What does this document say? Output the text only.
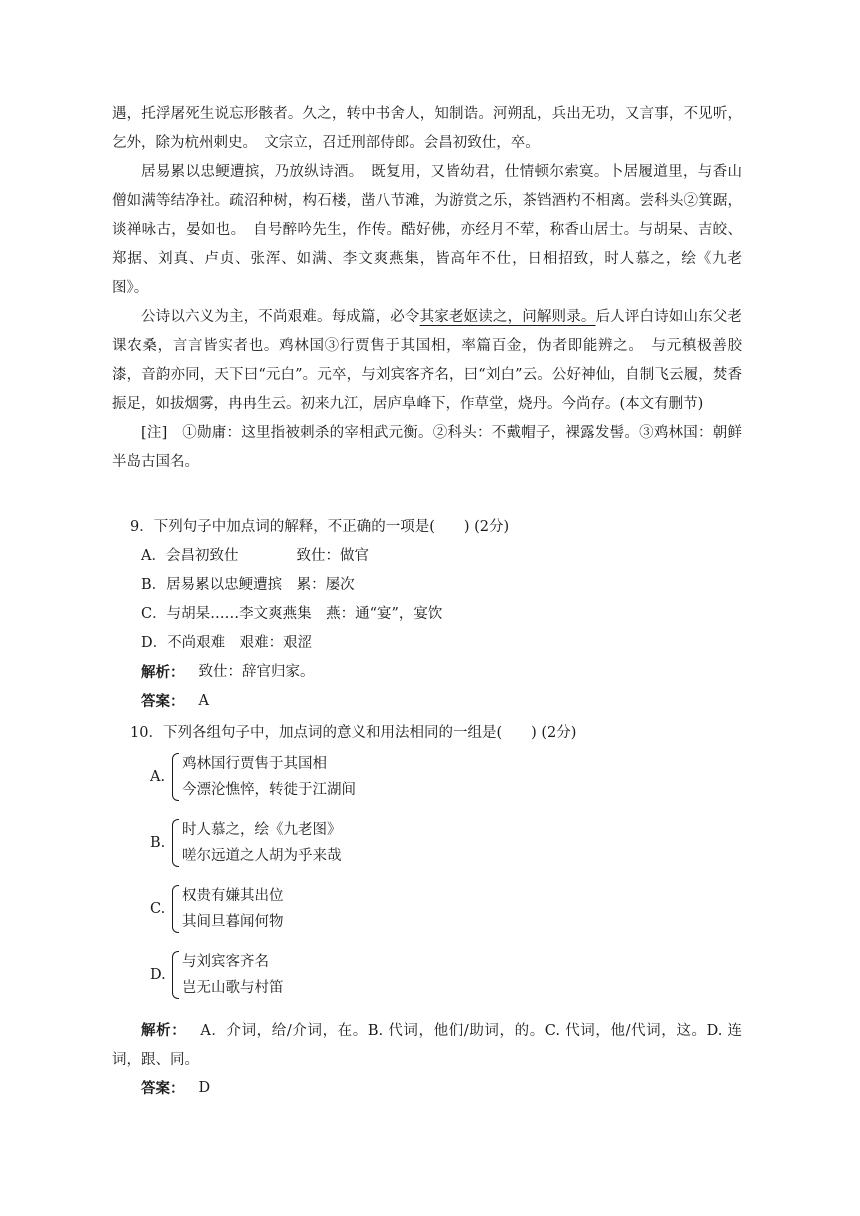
遇，托浮屠死生说忘形骸者。久之，转中书舍人，知制诰。河朔乱，兵出无功，又言事，不见听，乞外，除为杭州刺史。　文宗立，召迁刑部侍郎。会昌初致仕，卒。

居易累以忠鲠遭摈，乃放纵诗酒。　既复用，又皆幼君，仕情顿尔索寞。卜居履道里，与香山僧如满等结净社。疏沼种树，构石楼，凿八节滩，为游赏之乐，茶铛酒杓不相离。尝科头②箕踞，谈禅咏古，晏如也。　自号醉吟先生，作传。酷好佛，亦经月不荤，称香山居士。与胡杲、吉皎、郑据、刘真、卢贞、张浑、如满、李文爽燕集，皆高年不仕，日相招致，时人慕之，绘《九老图》。

公诗以六义为主，不尚艰难。每成篇，必令其家老妪读之，问解则录。后人评白诗如山东父老课农桑，言言皆实者也。鸡林国③行贾售于其国相，率篇百金，伪者即能辨之。　与元稹极善胶漆，音韵亦同，天下曰“元白”。元卒，与刘宾客齐名，曰“刘白”云。公好神仙，自制飞云履，焚香振足，如拔烟雾，冉冉生云。初来九江，居庐阜峰下，作草堂，烧丹。今尚存。(本文有删节)

[注]　①勋庸：这里指被刺杀的宰相武元衡。②科头：不戴帽子，裸露发髻。③鸡林国：朝鲜半岛古国名。

9．下列句子中加点词的解释，不正确的一项是(　　) (2分)
A．会昌初致仕　　　　致仕：做官
B．居易累以忠鲠遭摈　累：屡次
C．与胡杲……李文爽燕集　燕：通“宴”，宴饮
D．不尚艰难　艰难：艰涩
解析： 致仕：辞官归家。
答案： A
10．下列各组句子中，加点词的意义和用法相同的一组是(　　) (2分)
A.
鸡林国行贾售于其国相
今漂沦憔悴，转徙于江湖间
B.
时人慕之，绘《九老图》
嗟尔远道之人胡为乎来哉
C.
权贵有嫌其出位
其间旦暮闻何物
D.
与刘宾客齐名
岂无山歌与村笛

解析： A．介词，给/介词，在。B. 代词，他们/助词，的。C. 代词，他/代词，这。D. 连词，跟、同。

答案： D
